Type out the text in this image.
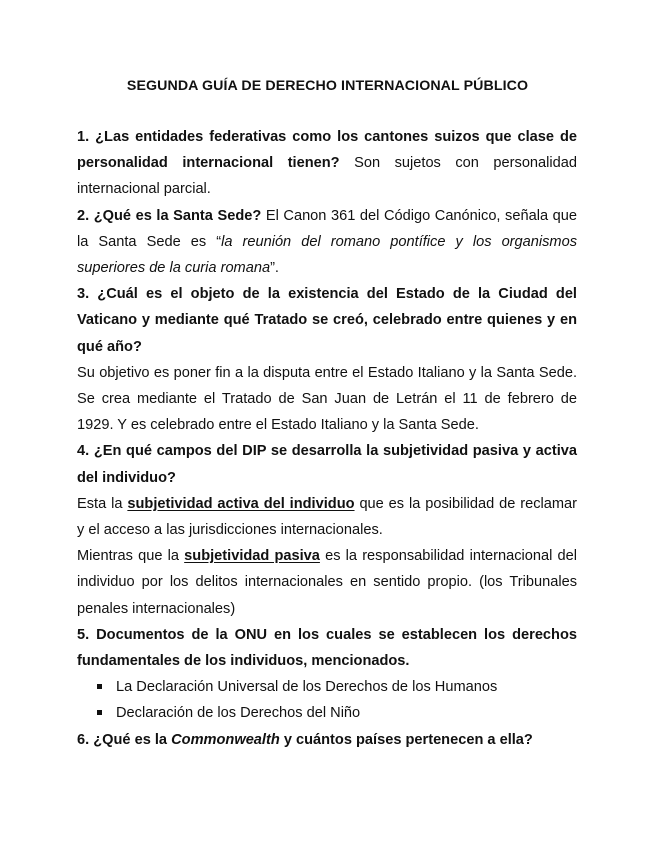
SEGUNDA GUÍA DE DERECHO INTERNACIONAL PÚBLICO

1. ¿Las entidades federativas como los cantones suizos que clase de personalidad internacional tienen? Son sujetos con personalidad internacional parcial.

2. ¿Qué es la Santa Sede? El Canon 361 del Código Canónico, señala que la Santa Sede es “la reunión del romano pontífice y los organismos superiores de la curia romana”.

3. ¿Cuál es el objeto de la existencia del Estado de la Ciudad del Vaticano y mediante qué Tratado se creó, celebrado entre quienes y en qué año?

Su objetivo es poner fin a la disputa entre el Estado Italiano y la Santa Sede. Se crea mediante el Tratado de San Juan de Letrán el 11 de febrero de 1929. Y es celebrado entre el Estado Italiano y la Santa Sede.

4. ¿En qué campos del DIP se desarrolla la subjetividad pasiva y activa del individuo?

Esta la subjetividad activa del individuo que es la posibilidad de reclamar y el acceso a las jurisdicciones internacionales.

Mientras que la subjetividad pasiva es la responsabilidad internacional del individuo por los delitos internacionales en sentido propio. (los Tribunales penales internacionales)

5. Documentos de la ONU en los cuales se establecen los derechos fundamentales de los individuos, mencionados.

La Declaración Universal de los Derechos de los Humanos
Declaración de los Derechos del Niño

6. ¿Qué es la Commonwealth y cuántos países pertenecen a ella?
